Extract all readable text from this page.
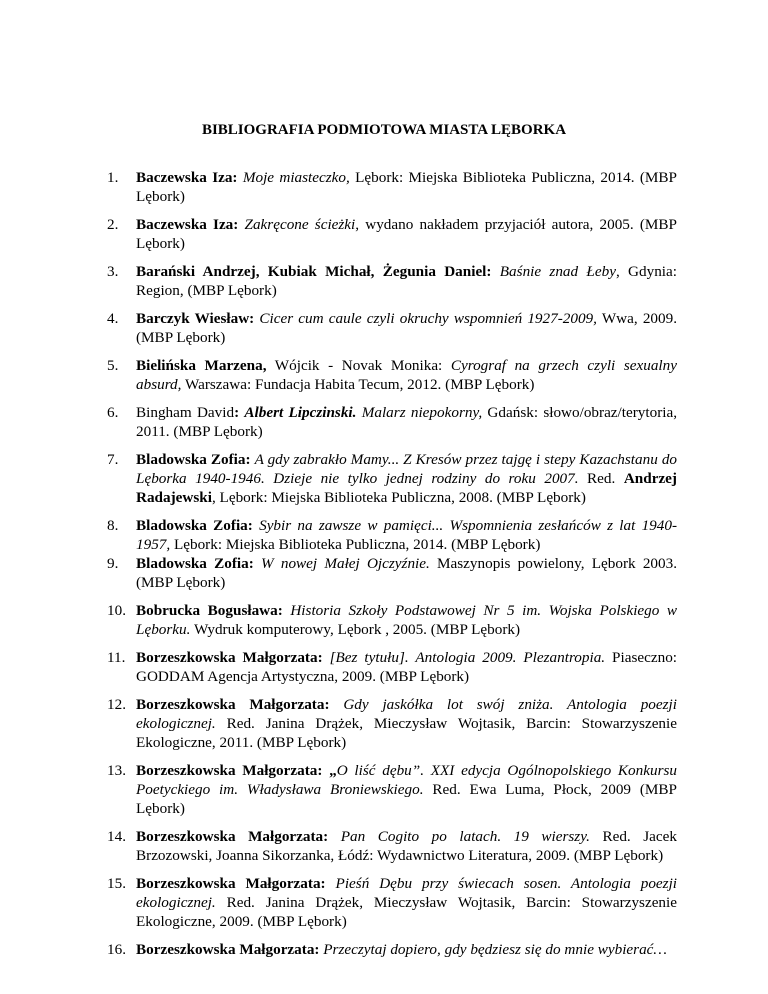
BIBLIOGRAFIA PODMIOTOWA MIASTA LĘBORKA
1.	Baczewska Iza: Moje miasteczko, Lębork: Miejska Biblioteka Publiczna, 2014. (MBP Lębork)
2.	Baczewska Iza: Zakręcone ścieżki, wydano nakładem przyjaciół autora, 2005. (MBP Lębork)
3.	Barański Andrzej, Kubiak Michał, Żegunia Daniel: Baśnie znad Łeby, Gdynia: Region, (MBP Lębork)
4.	Barczyk Wiesław: Cicer cum caule czyli okruchy wspomnień 1927-2009, Wwa, 2009. (MBP Lębork)
5.	Bielińska Marzena, Wójcik - Novak Monika: Cyrograf na grzech czyli sexualny absurd, Warszawa: Fundacja Habita Tecum, 2012. (MBP Lębork)
6.	Bingham David: Albert Lipczinski. Malarz niepokorny, Gdańsk: słowo/obraz/terytoria, 2011. (MBP Lębork)
7.	Bladowska Zofia: A gdy zabrakło Mamy... Z Kresów przez tajgę i stepy Kazachstanu do Lęborka 1940-1946. Dzieje nie tylko jednej rodziny do roku 2007. Red. Andrzej Radajewski, Lębork: Miejska Biblioteka Publiczna, 2008. (MBP Lębork)
8.	Bladowska Zofia: Sybir na zawsze w pamięci... Wspomnienia zesłańców z lat 1940-1957, Lębork: Miejska Biblioteka Publiczna, 2014. (MBP Lębork)
9.	Bladowska Zofia: W nowej Małej Ojczyźnie. Maszynopis powielony, Lębork 2003. (MBP Lębork)
10. Bobrucka Bogusława: Historia Szkoły Podstawowej Nr 5 im. Wojska Polskiego w Lęborku. Wydruk komputerowy, Lębork , 2005. (MBP Lębork)
11. Borzeszkowska Małgorzata: [Bez tytułu]. Antologia 2009. Plezantropia. Piaseczno: GODDAM Agencja Artystyczna, 2009. (MBP Lębork)
12. Borzeszkowska Małgorzata: Gdy jaskółka lot swój zniża. Antologia poezji ekologicznej. Red. Janina Drążek, Mieczysław Wojtasik, Barcin: Stowarzyszenie Ekologiczne, 2011. (MBP Lębork)
13. Borzeszkowska Małgorzata: „O liść dębu”. XXI edycja Ogólnopolskiego Konkursu Poetyckiego im. Władysława Broniewskiego. Red. Ewa Luma, Płock, 2009 (MBP Lębork)
14. Borzeszkowska Małgorzata: Pan Cogito po latach. 19 wierszy. Red. Jacek Brzozowski, Joanna Sikorzanka, Łódź: Wydawnictwo Literatura, 2009. (MBP Lębork)
15. Borzeszkowska Małgorzata: Pieśń Dębu przy świecach sosen. Antologia poezji ekologicznej. Red. Janina Drążek, Mieczysław Wojtasik, Barcin: Stowarzyszenie Ekologiczne, 2009. (MBP Lębork)
16. Borzeszkowska Małgorzata: Przeczytaj dopiero, gdy będziesz się do mnie wybierać…
